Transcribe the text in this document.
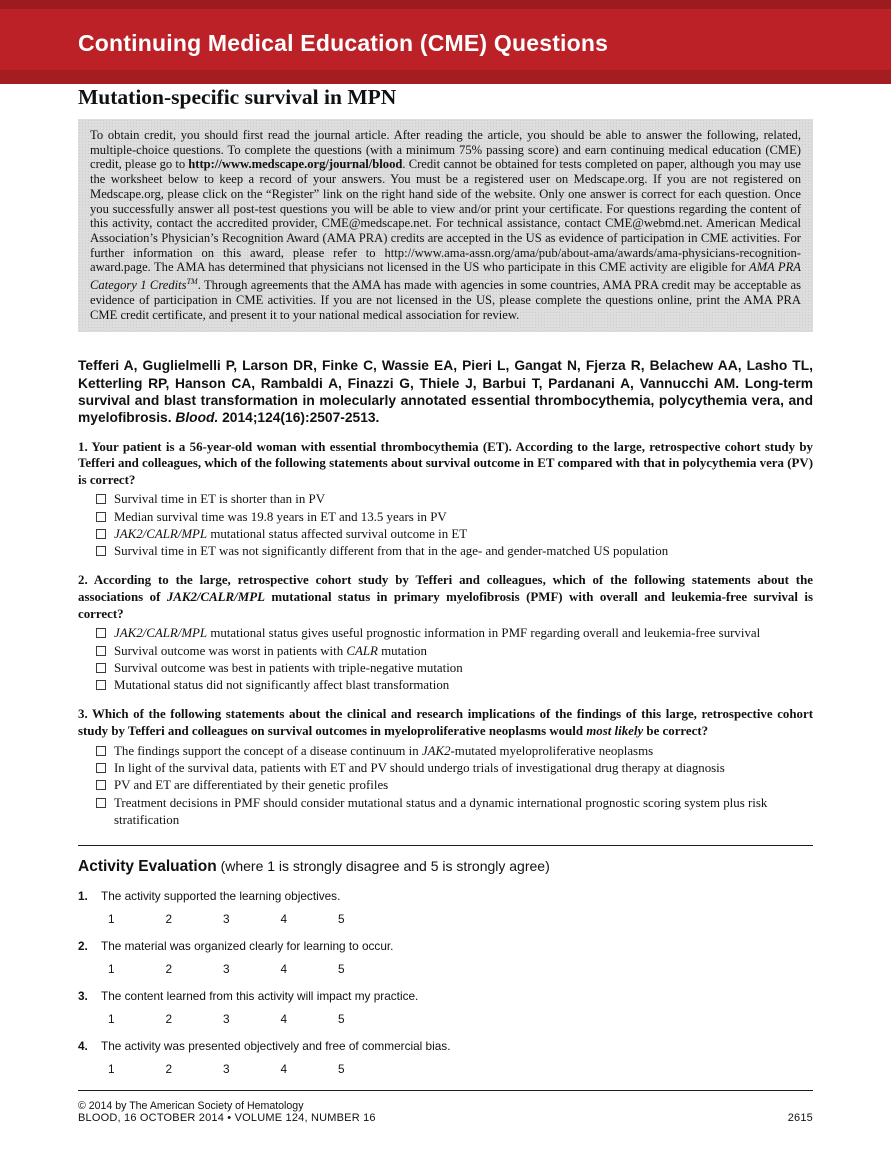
Continuing Medical Education (CME) Questions
Mutation-specific survival in MPN

To obtain credit, you should first read the journal article. After reading the article, you should be able to answer the following, related, multiple-choice questions. To complete the questions (with a minimum 75% passing score) and earn continuing medical education (CME) credit, please go to http://www.medscape.org/journal/blood. Credit cannot be obtained for tests completed on paper, although you may use the worksheet below to keep a record of your answers. You must be a registered user on Medscape.org. If you are not registered on Medscape.org, please click on the “Register” link on the right hand side of the website. Only one answer is correct for each question. Once you successfully answer all post-test questions you will be able to view and/or print your certificate. For questions regarding the content of this activity, contact the accredited provider, CME@medscape.net. For technical assistance, contact CME@webmd.net. American Medical Association’s Physician’s Recognition Award (AMA PRA) credits are accepted in the US as evidence of participation in CME activities. For further information on this award, please refer to http://www.ama-assn.org/ama/pub/about-ama/awards/ama-physicians-recognition-award.page. The AMA has determined that physicians not licensed in the US who participate in this CME activity are eligible for AMA PRA Category 1 Credits™. Through agreements that the AMA has made with agencies in some countries, AMA PRA credit may be acceptable as evidence of participation in CME activities. If you are not licensed in the US, please complete the questions online, print the AMA PRA CME credit certificate, and present it to your national medical association for review.

Tefferi A, Guglielmelli P, Larson DR, Finke C, Wassie EA, Pieri L, Gangat N, Fjerza R, Belachew AA, Lasho TL, Ketterling RP, Hanson CA, Rambaldi A, Finazzi G, Thiele J, Barbui T, Pardanani A, Vannucchi AM. Long-term survival and blast transformation in molecularly annotated essential thrombocythemia, polycythemia vera, and myelofibrosis. Blood. 2014;124(16):2507-2513.

1. Your patient is a 56-year-old woman with essential thrombocythemia (ET). According to the large, retrospective cohort study by Tefferi and colleagues, which of the following statements about survival outcome in ET compared with that in polycythemia vera (PV) is correct?

Survival time in ET is shorter than in PV
Median survival time was 19.8 years in ET and 13.5 years in PV
JAK2/CALR/MPL mutational status affected survival outcome in ET
Survival time in ET was not significantly different from that in the age- and gender-matched US population

2. According to the large, retrospective cohort study by Tefferi and colleagues, which of the following statements about the associations of JAK2/CALR/MPL mutational status in primary myelofibrosis (PMF) with overall and leukemia-free survival is correct?

JAK2/CALR/MPL mutational status gives useful prognostic information in PMF regarding overall and leukemia-free survival
Survival outcome was worst in patients with CALR mutation
Survival outcome was best in patients with triple-negative mutation
Mutational status did not significantly affect blast transformation

3. Which of the following statements about the clinical and research implications of the findings of this large, retrospective cohort study by Tefferi and colleagues on survival outcomes in myeloproliferative neoplasms would most likely be correct?

The findings support the concept of a disease continuum in JAK2-mutated myeloproliferative neoplasms
In light of the survival data, patients with ET and PV should undergo trials of investigational drug therapy at diagnosis
PV and ET are differentiated by their genetic profiles
Treatment decisions in PMF should consider mutational status and a dynamic international prognostic scoring system plus risk stratification
Activity Evaluation (where 1 is strongly disagree and 5 is strongly agree)
1.	The activity supported the learning objectives.
1	2	3	4	5
2.	The material was organized clearly for learning to occur.
1	2	3	4	5
3.	The content learned from this activity will impact my practice.
1	2	3	4	5
4.	The activity was presented objectively and free of commercial bias.
1	2	3	4	5

© 2014 by The American Society of Hematology

BLOOD, 16 OCTOBER 2014 • VOLUME 124, NUMBER 16	2615
